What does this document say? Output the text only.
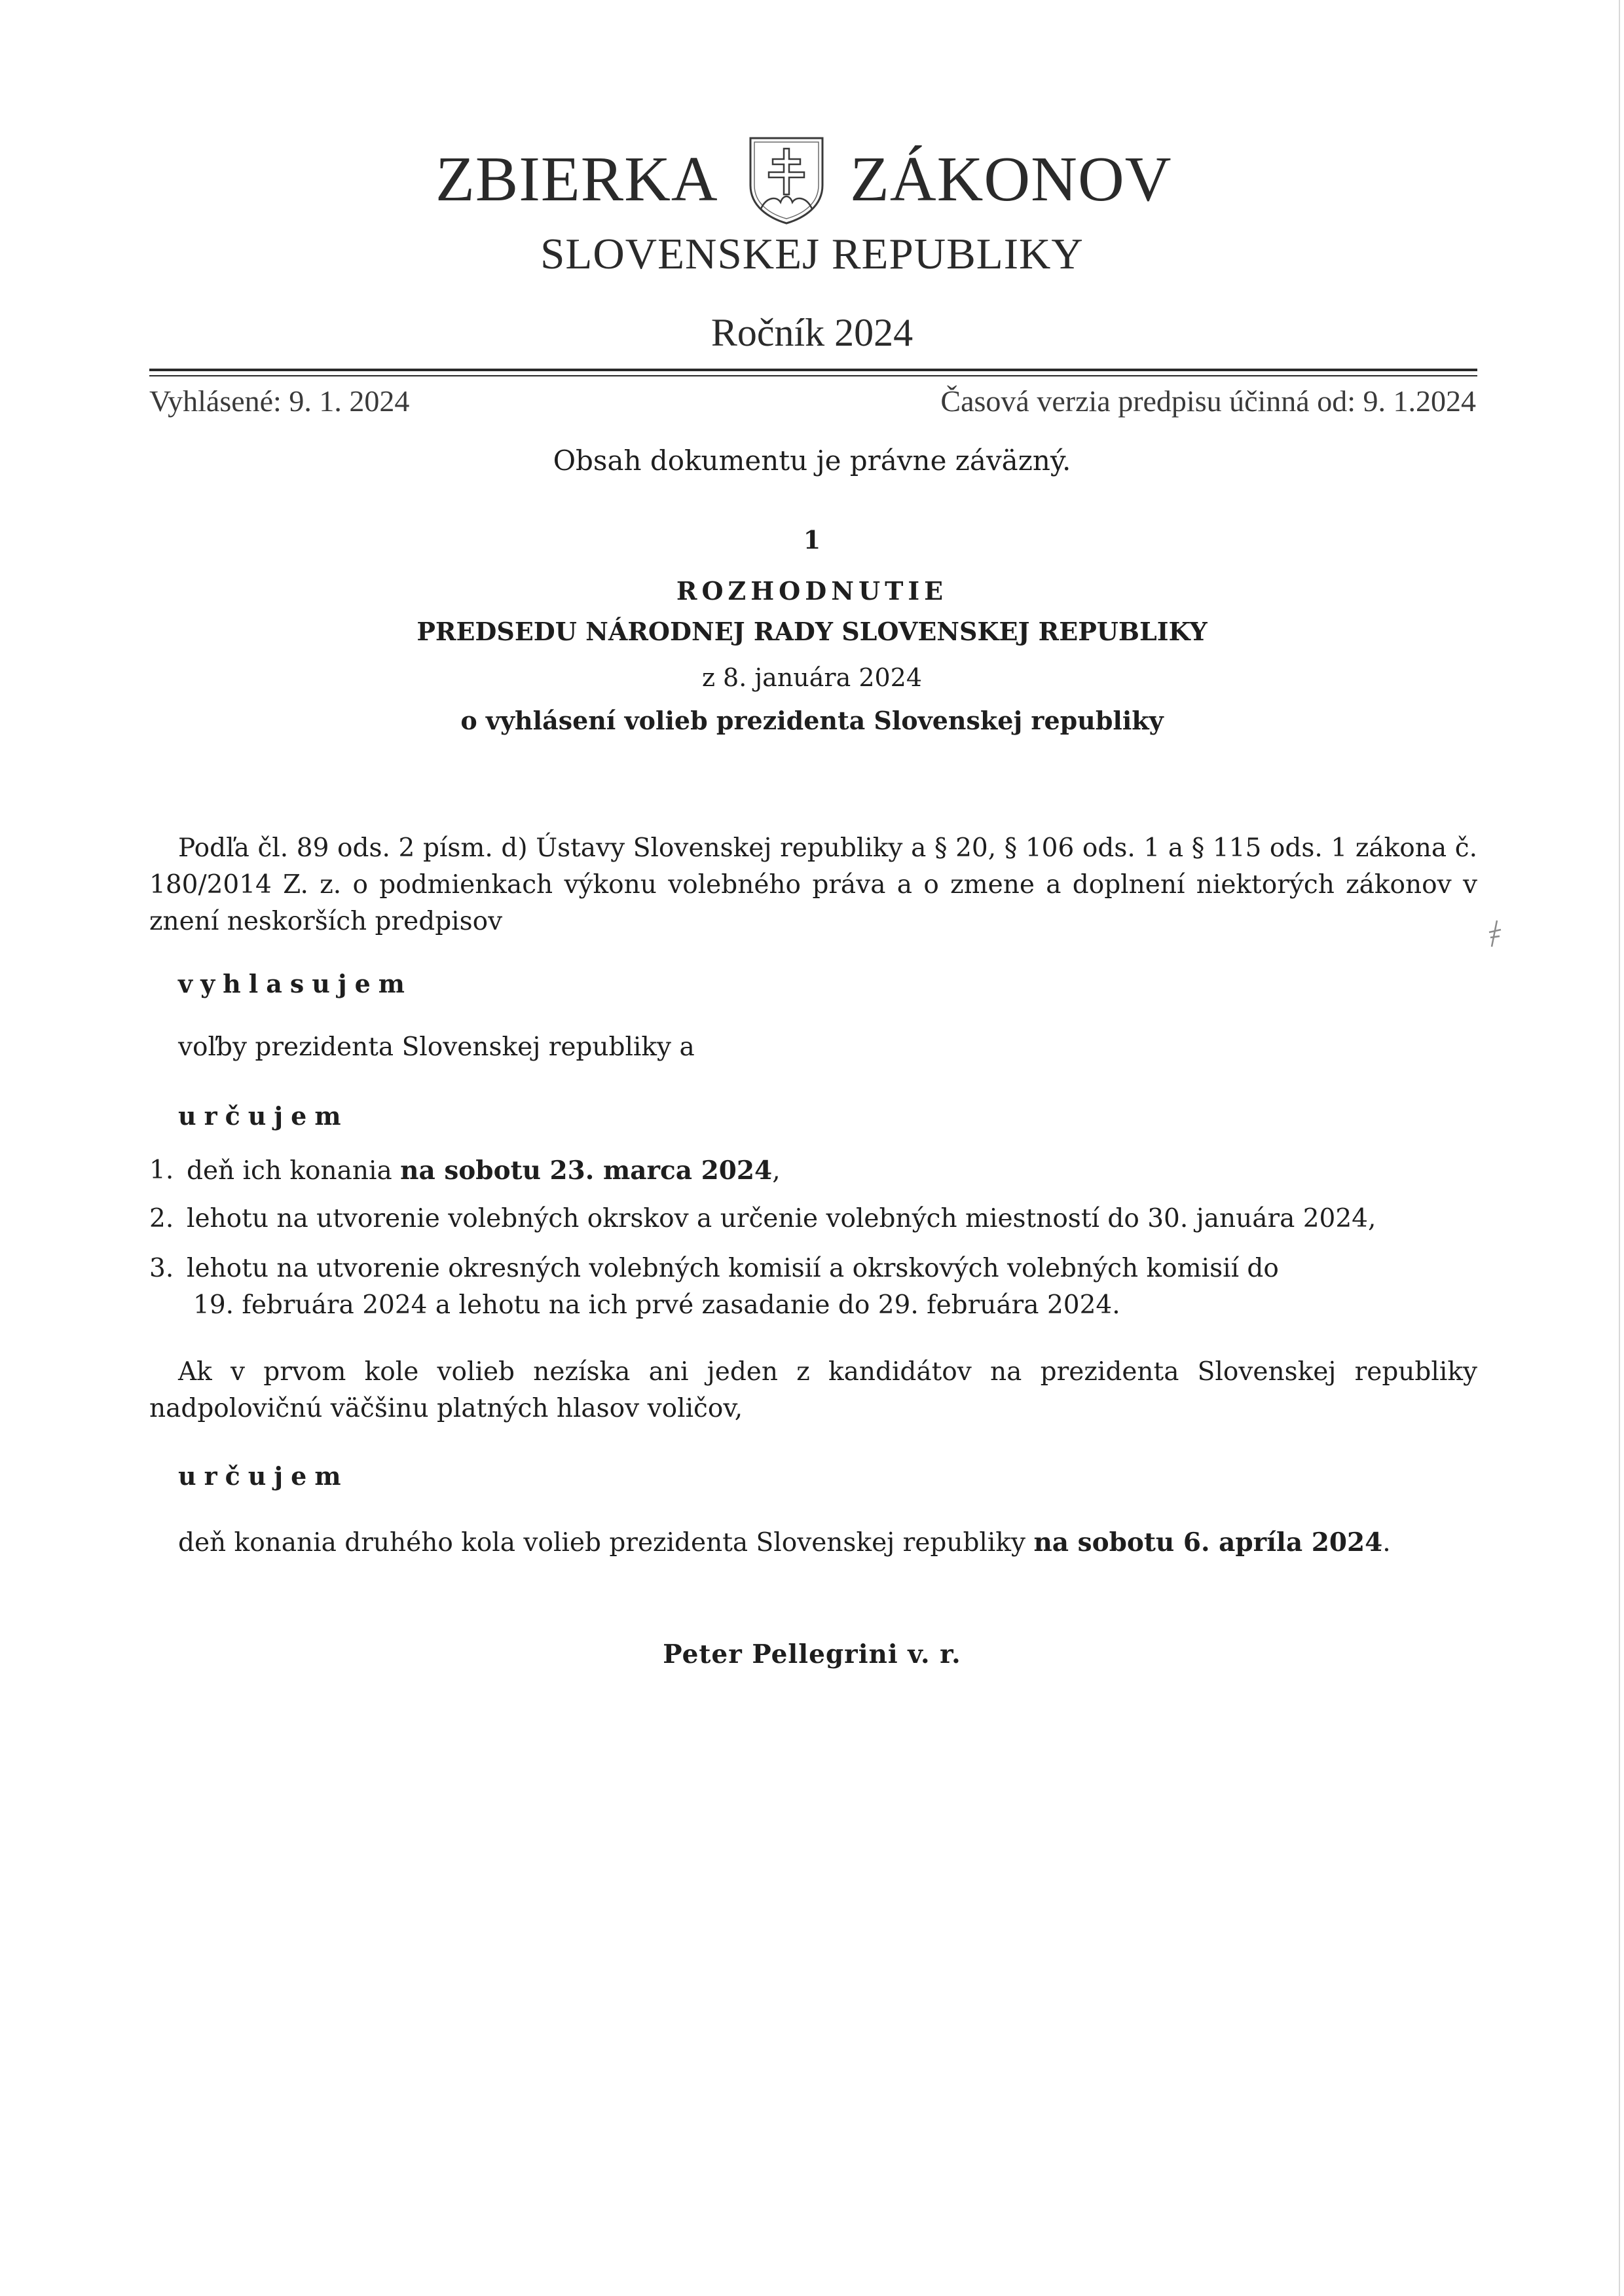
ZBIERKA ZÁKONOV
SLOVENSKEJ REPUBLIKY
Ročník 2024
Vyhlásené: 9. 1. 2024	Časová verzia predpisu účinná od: 9. 1.2024
Obsah dokumentu je právne záväzný.
1
ROZHODNUTIE
PREDSEDU NÁRODNEJ RADY SLOVENSKEJ REPUBLIKY
z 8. januára 2024
o vyhlásení volieb prezidenta Slovenskej republiky
Podľa čl. 89 ods. 2 písm. d) Ústavy Slovenskej republiky a § 20, § 106 ods. 1 a § 115 ods. 1 zákona č. 180/2014 Z. z. o podmienkach výkonu volebného práva a o zmene a doplnení niektorých zákonov v znení neskorších predpisov
vyhlasujem
voľby prezidenta Slovenskej republiky a
určujem
1. deň ich konania na sobotu 23. marca 2024,
2. lehotu na utvorenie volebných okrskov a určenie volebných miestností do 30. januára 2024,
3. lehotu na utvorenie okresných volebných komisií a okrskových volebných komisií do
19. februára 2024 a lehotu na ich prvé zasadanie do 29. februára 2024.
Ak v prvom kole volieb nezíska ani jeden z kandidátov na prezidenta Slovenskej republiky nadpolovičnú väčšinu platných hlasov voličov,
určujem
deň konania druhého kola volieb prezidenta Slovenskej republiky na sobotu 6. apríla 2024.
Peter Pellegrini v. r.
